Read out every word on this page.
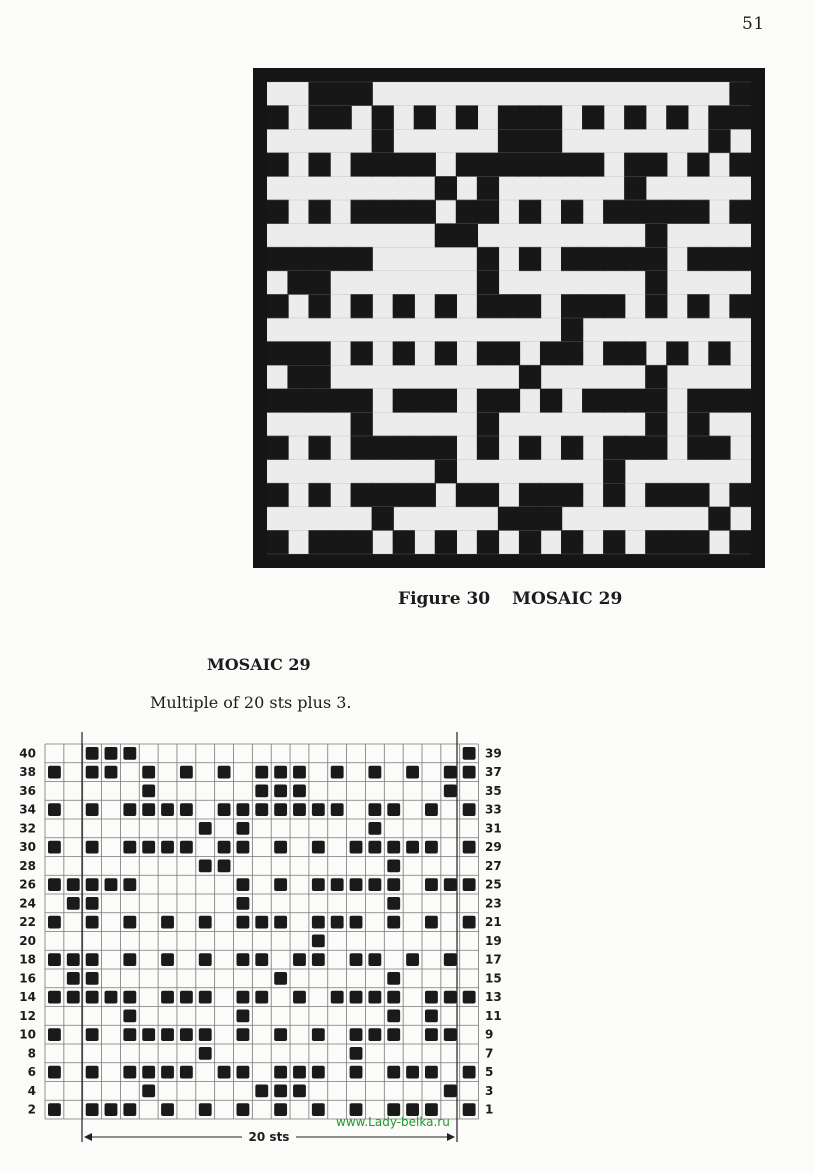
51
Figure 30 MOSAIC 29
MOSAIC 29
Multiple of 20 sts plus 3.
2
4
6
8
10
12
14
16
18
20
22
24
26
28
30
32
34
36
38
40
1
3
5
7
9
11
13
15
17
19
21
23
25
27
29
31
33
35
37
39
20 sts
www.Lady-belka.ru
